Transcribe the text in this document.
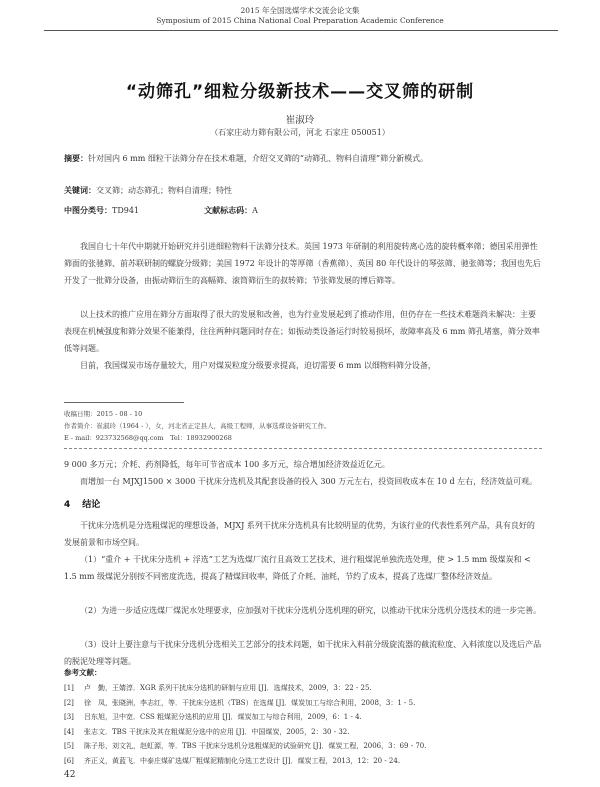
2015 年全国选煤学术交流会论文集
Symposium of 2015 China National Coal Preparation Academic Conference
“动筛孔”细粒分级新技术——交叉筛的研制
崔淑玲
（石家庄动力筛有限公司，河北 石家庄 050051）
摘要：针对国内 6 mm 细粒干法筛分存在技术难题，介绍交叉筛的“动筛孔、物料自清理”筛分新模式。
关键词：交叉筛；动态筛孔；物料自清理；特性
中图分类号：TD941	文献标志码：A

我国自七十年代中期就开始研究并引进细粒物料干法筛分技术。英国 1973 年研制的利用旋转离心选的旋转概率筛；德国采用弹性筛面的张驰筛、前苏联研制的螺旋分级筛；美国 1972 年设计的等厚筛（香蕉筛）、英国 80 年代设计的琴弦筛、驰张筛等；我国也先后开发了一批筛分设备，由振动筛衍生的高幅筛、滚筒筛衍生的叔转筛；节张筛发展的博后筛等。

以上技术的推广应用在筛分方面取得了很大的发展和改善，也为行业发展起到了推动作用，但仍存在一些技术难题尚未解决：主要表现在机械强度和筛分效果不能兼得，往往两种问题同时存在；如振动类设备运行时较易损坏，故障率高及 6 mm 筛孔堵塞，筛分效率低等问题。

目前，我国煤炭市场存量较大，用户对煤炭粒度分级要求提高，迫切需要 6 mm 以细物料筛分设备，

收稿日期：2015 - 08 - 10
作者简介：崔淑玲（1964 - ），女，河北省正定县人，高级工程师，从事选煤设备研究工作。
E - mail：923732568@qq.com　Tel：18932900268

9 000 多万元；介耗、药剂降低，每年可节省成本 100 多万元，综合增加经济效益近亿元。

而增加一台 MJXJ1500 × 3000 干扰床分选机及其配套设备的投入 300 万元左右，投资回收成本在 10 d 左右，经济效益可观。

4 结论

干扰床分选机是分选粗煤泥的理想设备，MJXJ 系列干扰床分选机具有比较明显的优势，为该行业的代表性系列产品，具有良好的发展前景和市场空间。

（1）“重介 + 干扰床分选机 + 浮选”工艺为选煤厂流行且高效工艺技术，进行粗煤泥单独洗选处理，使 > 1.5 mm 级煤炭和 < 1.5 mm 级煤泥分别按不同密度洗选，提高了精煤回收率，降低了介耗、油耗，节约了成本，提高了选煤厂整体经济效益。

（2）为进一步适应选煤厂煤泥水处理要求，应加强对干扰床分选机分选机理的研究，以推动干扰床分选机分选技术的进一步完善。

（3）设计上要注意与干扰床分选机分选相关工艺部分的技术问题，如干扰床入料前分级旋流器的截流粒度、入料浓度以及选后产品的脱泥处理等问题。

参考文献：
[1]	卢　勤，王婧淳．XGR 系列干扰床分选机的研制与应用 [J]．选煤技术，2009，3：22 - 25.
[2]	徐　凤，张晓洲，李志红，等．干扰床分选机（TBS）在选煤 [J]．煤炭加工与综合利用，2008，3：1 - 5.
[3]	吕东旭，卫中宽．CSS 粗煤泥分选机的应用 [J]．煤炭加工与综合利用，2009，6：1 - 4.
[4]	张志文．TBS 干扰床及其在粗煤泥分选中的应用 [J]．中国煤炭，2005，2：30 - 32.
[5]	陈子彤，刘文礼，赵虹源，等．TBS 干扰床分选机分选粗煤泥的试验研究 [J]．煤炭工程，2006，3：69 - 70.
[6]	齐正义，黄蓝飞．中泰庄煤矿选煤厂粗煤泥精制化分选工艺设计 [J]．煤炭工程，2013，12：20 - 24.
42
